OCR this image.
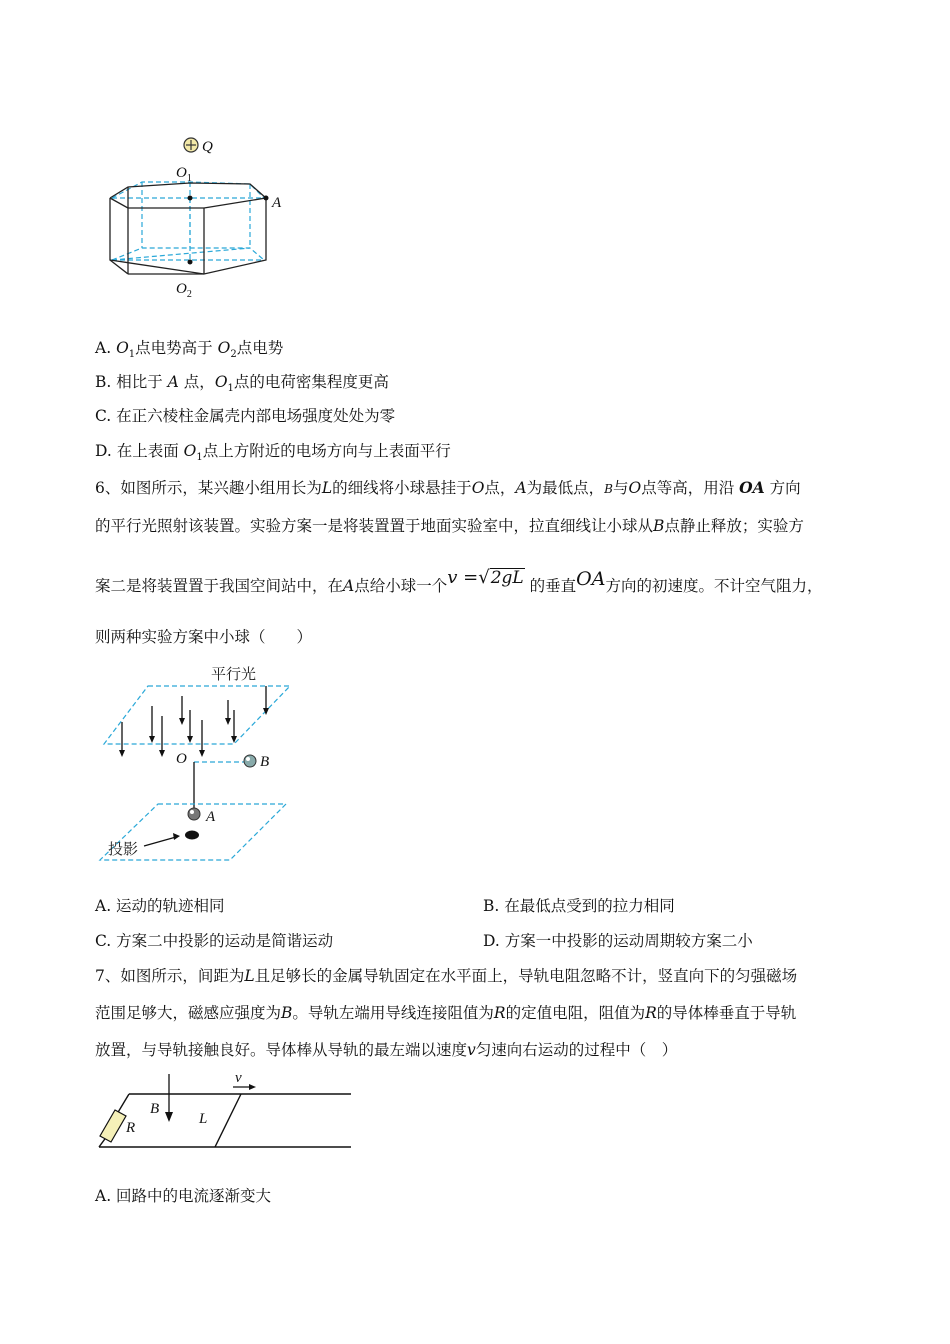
Q
$O_1$
A
$O_2$
A. $O_1$点电势高于 $O_2$点电势
B. 相比于 A 点，$O_1$点的电荷密集程度更高
C. 在正六棱柱金属壳内部电场强度处处为零
D. 在上表面 $O_1$点上方附近的电场方向与上表面平行
6、如图所示，某兴趣小组用长为L的细线将小球悬挂于O点，A为最低点，B与O点等高，用沿 OA 方向
的平行光照射该装置。实验方案一是将装置置于地面实验室中，拉直细线让小球从B点静止释放；实验方
案二是将装置置于我国空间站中，在A点给小球一个v =√2gL 的垂直OA方向的初速度。不计空气阻力，
则两种实验方案中小球（　　）
平行光
O	B
A
投影
A. 运动的轨迹相同	B. 在最低点受到的拉力相同
C. 方案二中投影的运动是简谐运动	D. 方案一中投影的运动周期较方案二小
7、如图所示，间距为L且足够长的金属导轨固定在水平面上，导轨电阻忽略不计，竖直向下的匀强磁场
范围足够大，磁感应强度为B。导轨左端用导线连接阻值为R的定值电阻，阻值为R的导体棒垂直于导轨
放置，与导轨接触良好。导体棒从导轨的最左端以速度v匀速向右运动的过程中（　）
R
B
L
v
A. 回路中的电流逐渐变大
